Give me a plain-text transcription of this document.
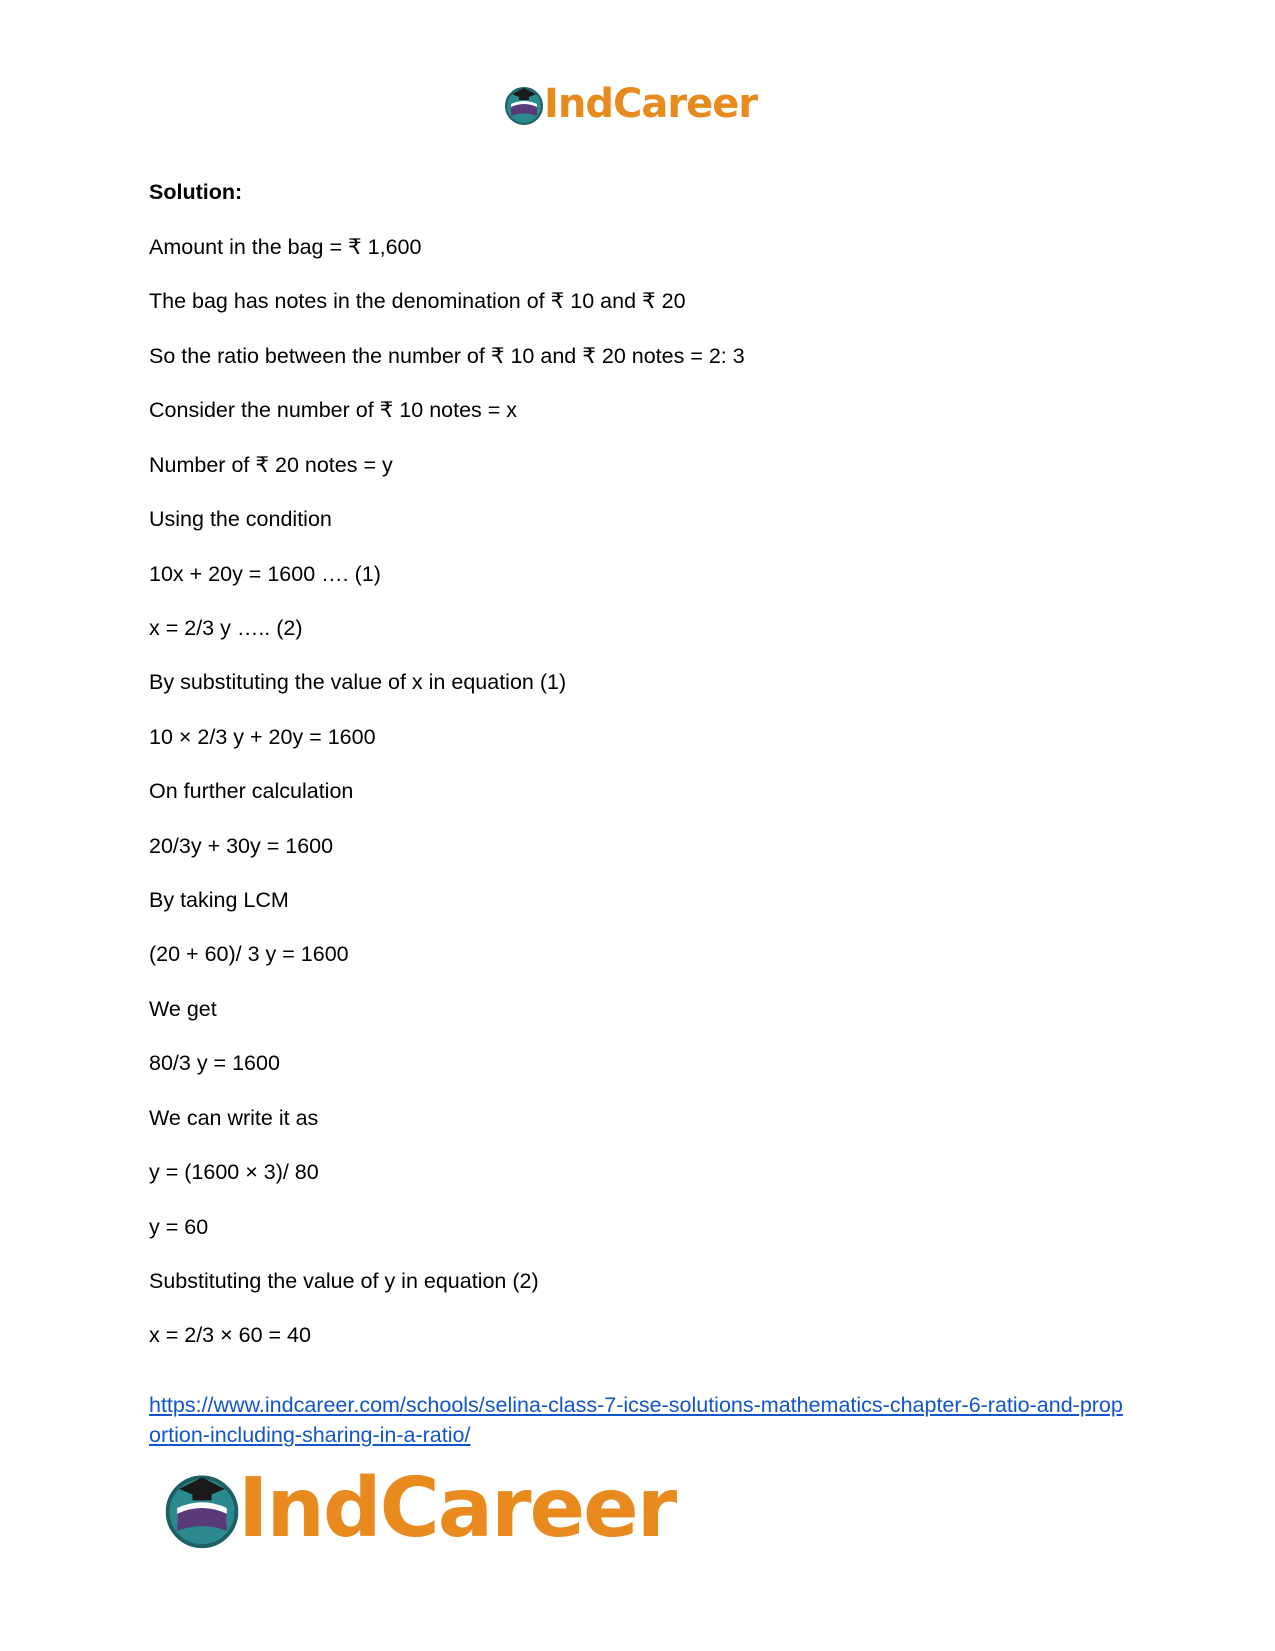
IndCareer
Solution:
Amount in the bag = ₹ 1,600
The bag has notes in the denomination of ₹ 10 and ₹ 20
So the ratio between the number of ₹ 10 and ₹ 20 notes = 2: 3
Consider the number of ₹ 10 notes = x
Number of ₹ 20 notes = y
Using the condition
10x + 20y = 1600 …. (1)
x = 2/3 y ….. (2)
By substituting the value of x in equation (1)
10 × 2/3 y + 20y = 1600
On further calculation
20/3y + 30y = 1600
By taking LCM
(20 + 60)/ 3 y = 1600
We get
80/3 y = 1600
We can write it as
y = (1600 × 3)/ 80
y = 60
Substituting the value of y in equation (2)
x = 2/3 × 60 = 40
https://www.indcareer.com/schools/selina-class-7-icse-solutions-mathematics-chapter-6-ratio-and-proportion-including-sharing-in-a-ratio/
IndCareer
